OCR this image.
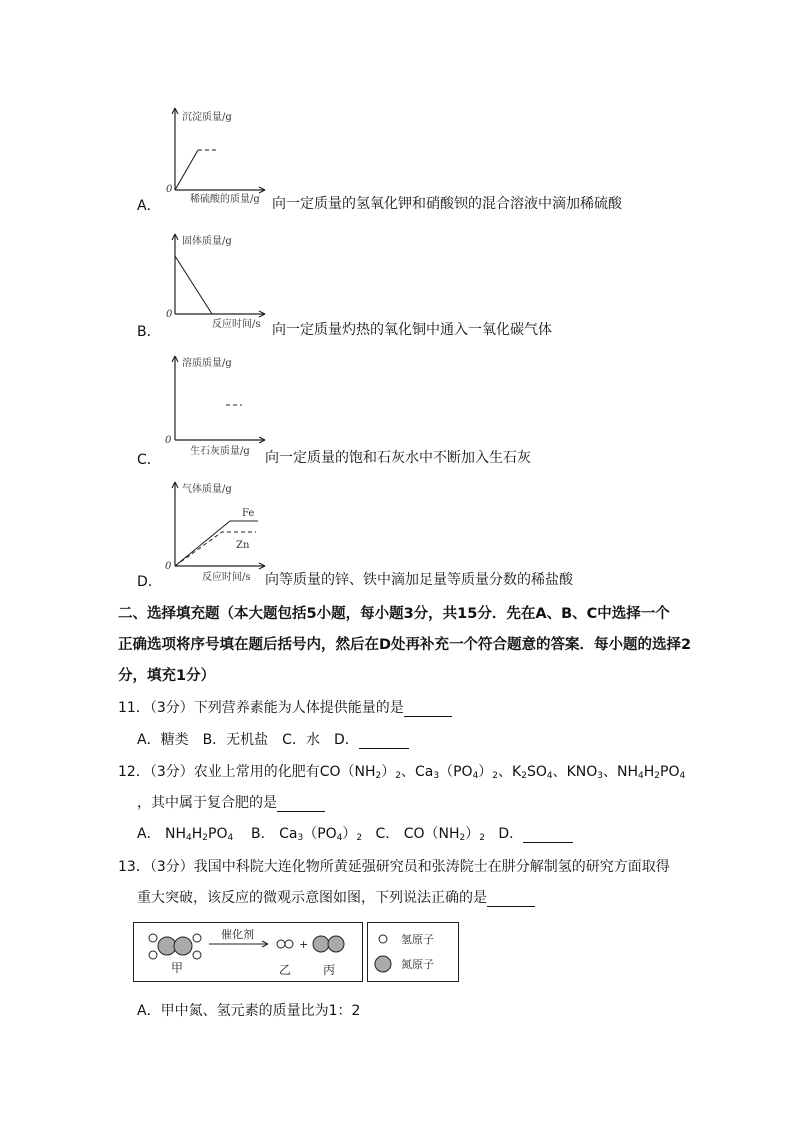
沉淀质量/g
0
稀硫酸的质量/g
A．	向一定质量的氢氧化钾和硝酸钡的混合溶液中滴加稀硫酸
固体质量/g
0
反应时间/s
B．	向一定质量灼热的氧化铜中通入一氧化碳气体
溶质质量/g
0
生石灰质量/g
C．	向一定质量的饱和石灰水中不断加入生石灰
Fe
Zn
气体质量/g
0
反应时间/s
D．	向等质量的锌、铁中滴加足量等质量分数的稀盐酸
二、选择填充题（本大题包括5小题，每小题3分，共15分．先在A、B、C中选择一个
正确选项将序号填在题后括号内，然后在D处再补充一个符合题意的答案．每小题的选择2
分，填充1分）
11．（3分）下列营养素能为人体提供能量的是
A．糖类　B．无机盐　C．水　D．
12．（3分）农业上常用的化肥有$CO(NH_2)_2$、$Ca_3(PO_4)_2$、$K_2SO_4$、$KNO_3$、$NH_4H_2PO_4$
，其中属于复合肥的是
A． $NH_4H_2PO_4$ B． $Ca_3(PO_4)_2$ C． $CO(NH_2)_2$ D．
13．（3分）我国中科院大连化物所黄延强研究员和张涛院士在肼分解制氢的研究方面取得
重大突破，该反应的微观示意图如图，下列说法正确的是
催化剂
+
甲	乙	丙
氢原子
氮原子
A．甲中氮、氢元素的质量比为1：2
